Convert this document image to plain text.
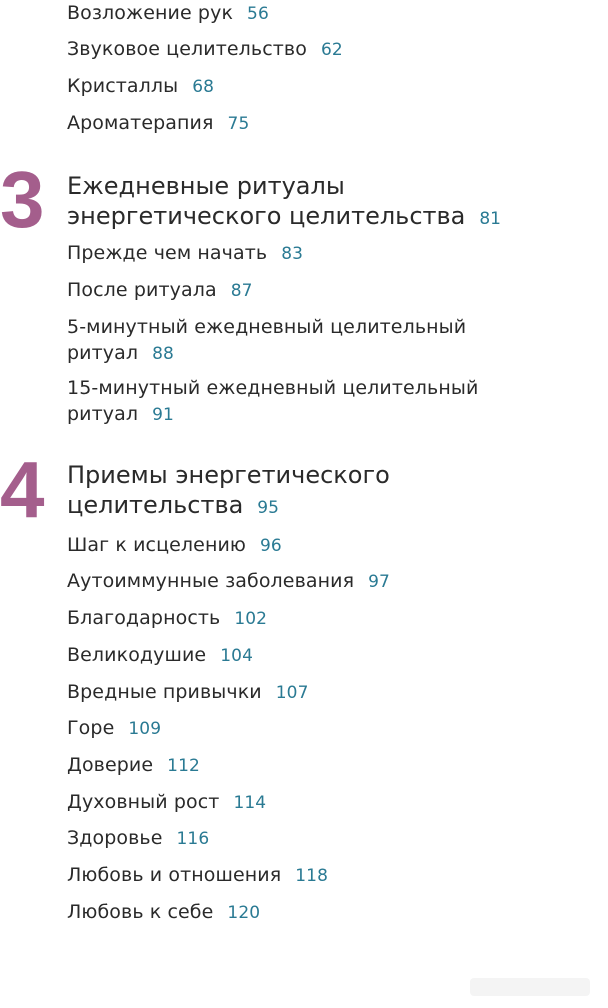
Возложение рук 56
Звуковое целительство 62
Кристаллы 68
Ароматерапия 75
3 Ежедневные ритуалы
энергетического целительства 81
Прежде чем начать 83
После ритуала 87
5-минутный ежедневный целительный
ритуал 88
15-минутный ежедневный целительный
ритуал 91
4 Приемы энергетического
целительства 95
Шаг к исцелению 96
Аутоиммунные заболевания 97
Благодарность 102
Великодушие 104
Вредные привычки 107
Горе 109
Доверие 112
Духовный рост 114
Здоровье 116
Любовь и отношения 118
Любовь к себе 120
